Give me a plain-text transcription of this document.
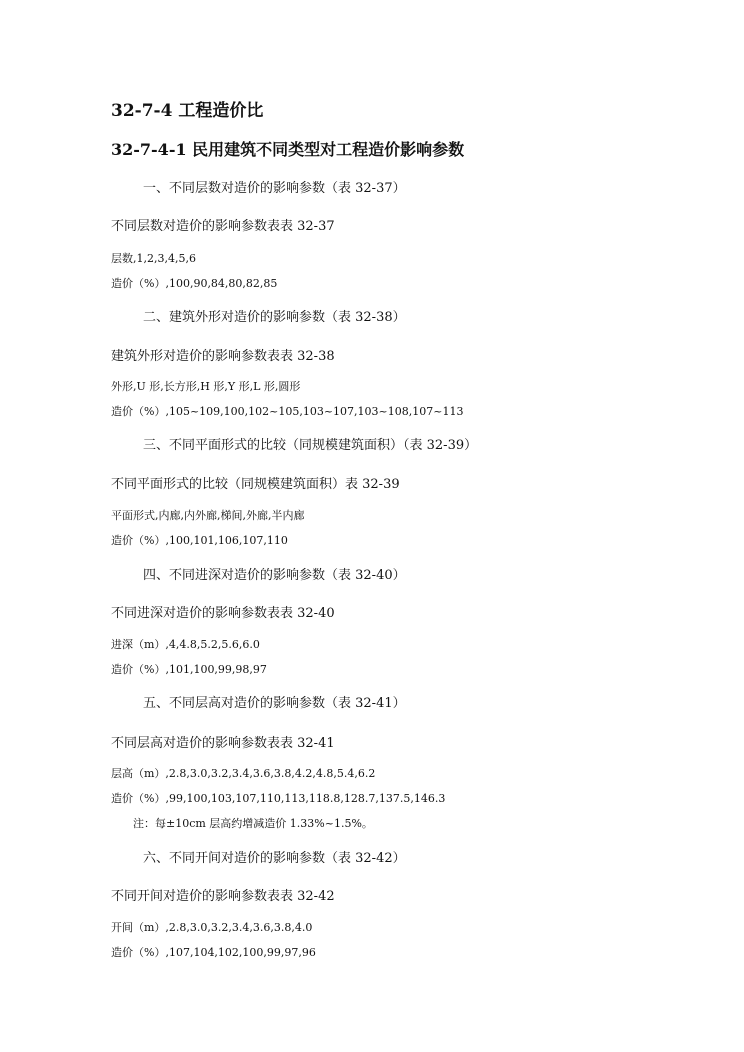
32-7-4 工程造价比
32-7-4-1 民用建筑不同类型对工程造价影响参数
一、不同层数对造价的影响参数（表 32-37）
不同层数对造价的影响参数表表 32-37
层数,1,2,3,4,5,6
造价（%）,100,90,84,80,82,85
二、建筑外形对造价的影响参数（表 32-38）
建筑外形对造价的影响参数表表 32-38
外形,U 形,长方形,H 形,Y 形,L 形,圆形
造价（%）,105~109,100,102~105,103~107,103~108,107~113
三、不同平面形式的比较（同规模建筑面积）（表 32-39）
不同平面形式的比较（同规模建筑面积）表 32-39
平面形式,内廊,内外廊,梯间,外廊,半内廊
造价（%）,100,101,106,107,110
四、不同进深对造价的影响参数（表 32-40）
不同进深对造价的影响参数表表 32-40
进深（m）,4,4.8,5.2,5.6,6.0
造价（%）,101,100,99,98,97
五、不同层高对造价的影响参数（表 32-41）
不同层高对造价的影响参数表表 32-41
层高（m）,2.8,3.0,3.2,3.4,3.6,3.8,4.2,4.8,5.4,6.2
造价（%）,99,100,103,107,110,113,118.8,128.7,137.5,146.3
注：每±10cm 层高约增减造价 1.33%~1.5%。
六、不同开间对造价的影响参数（表 32-42）
不同开间对造价的影响参数表表 32-42
开间（m）,2.8,3.0,3.2,3.4,3.6,3.8,4.0
造价（%）,107,104,102,100,99,97,96
